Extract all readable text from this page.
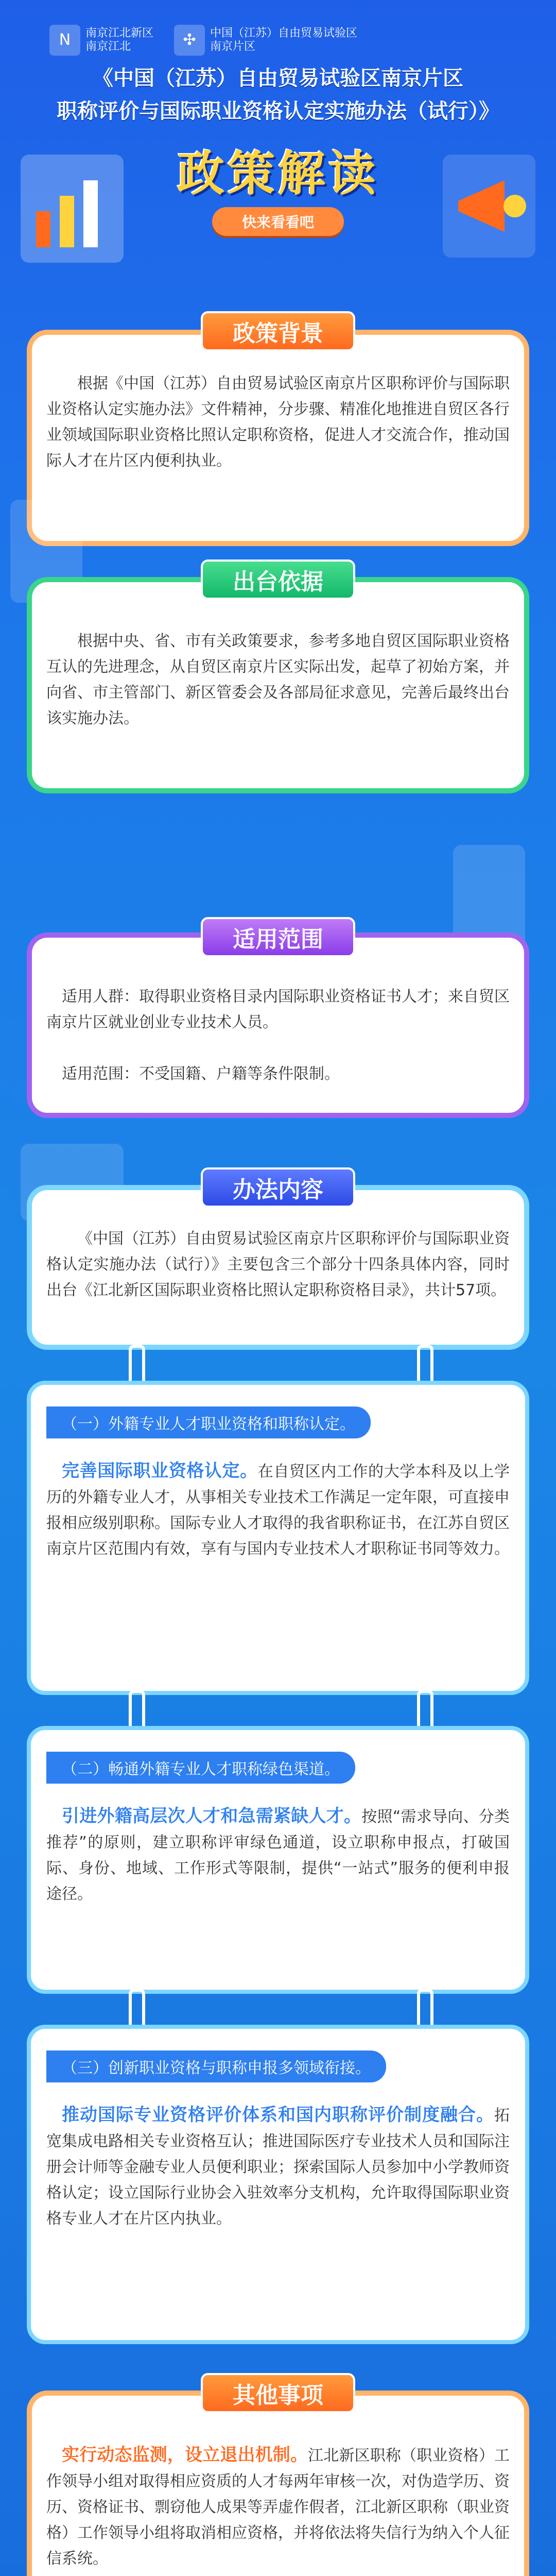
N	南京江北新区
南京江北	✣	中国（江苏）自由贸易试验区
南京片区
《中国（江苏）自由贸易试验区南京片区
职称评价与国际职业资格认定实施办法（试行）》
政策解读
快来看看吧
政策背景
根据《中国（江苏）自由贸易试验区南京片区职称评价与国际职业资格认定实施办法》文件精神，分步骤、精准化地推进自贸区各行业领域国际职业资格比照认定职称资格，促进人才交流合作，推动国际人才在片区内便利执业。
出台依据
根据中央、省、市有关政策要求，参考多地自贸区国际职业资格互认的先进理念，从自贸区南京片区实际出发，起草了初始方案，并向省、市主管部门、新区管委会及各部局征求意见，完善后最终出台该实施办法。
适用范围
适用人群：取得职业资格目录内国际职业资格证书人才；来自贸区南京片区就业创业专业技术人员。
适用范围：不受国籍、户籍等条件限制。
办法内容
《中国（江苏）自由贸易试验区南京片区职称评价与国际职业资格认定实施办法（试行）》主要包含三个部分十四条具体内容，同时出台《江北新区国际职业资格比照认定职称资格目录》，共计57项。
（一）外籍专业人才职业资格和职称认定。
完善国际职业资格认定。在自贸区内工作的大学本科及以上学历的外籍专业人才，从事相关专业技术工作满足一定年限，可直接申报相应级别职称。国际专业人才取得的我省职称证书，在江苏自贸区南京片区范围内有效，享有与国内专业技术人才职称证书同等效力。
（二）畅通外籍专业人才职称绿色渠道。
引进外籍高层次人才和急需紧缺人才。按照“需求导向、分类推荐”的原则，建立职称评审绿色通道，设立职称申报点，打破国际、身份、地域、工作形式等限制，提供“一站式”服务的便利申报途径。
（三）创新职业资格与职称申报多领域衔接。
推动国际专业资格评价体系和国内职称评价制度融合。拓宽集成电路相关专业资格互认；推进国际医疗专业技术人员和国际注册会计师等金融专业人员便利职业；探索国际人员参加中小学教师资格认定；设立国际行业协会入驻效率分支机构，允许取得国际职业资格专业人才在片区内执业。
其他事项
实行动态监测，设立退出机制。江北新区职称（职业资格）工作领导小组对取得相应资质的人才每两年审核一次，对伪造学历、资历、资格证书、剽窃他人成果等弄虚作假者，江北新区职称（职业资格）工作领导小组将取消相应资格，并将依法将失信行为纳入个人征信系统。
